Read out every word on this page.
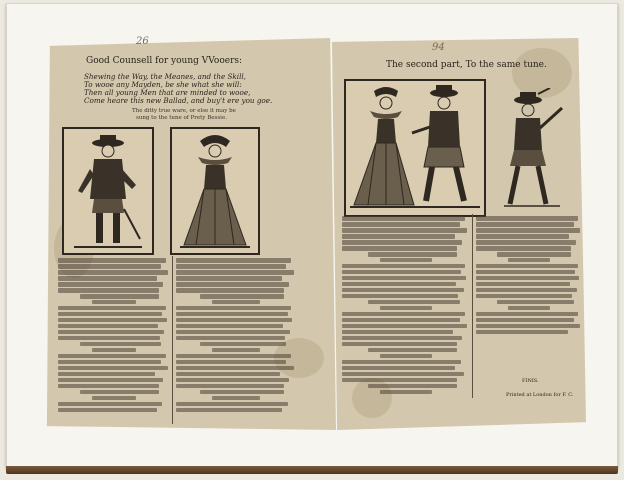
26
Good Counsell for young VVooers:
Shewing the Way, the Meanes, and the Skill,
To wooe any Mayden, be she what she will:
Then all young Men that are minded to wooe,
Come heare this new Ballad, and buy't ere you goe.
The ditty true ware, or else it may be
sung to the tune of Prety Bessie.
94
The second part, To the same tune.
FINIS.
Printed at London for F. C.
